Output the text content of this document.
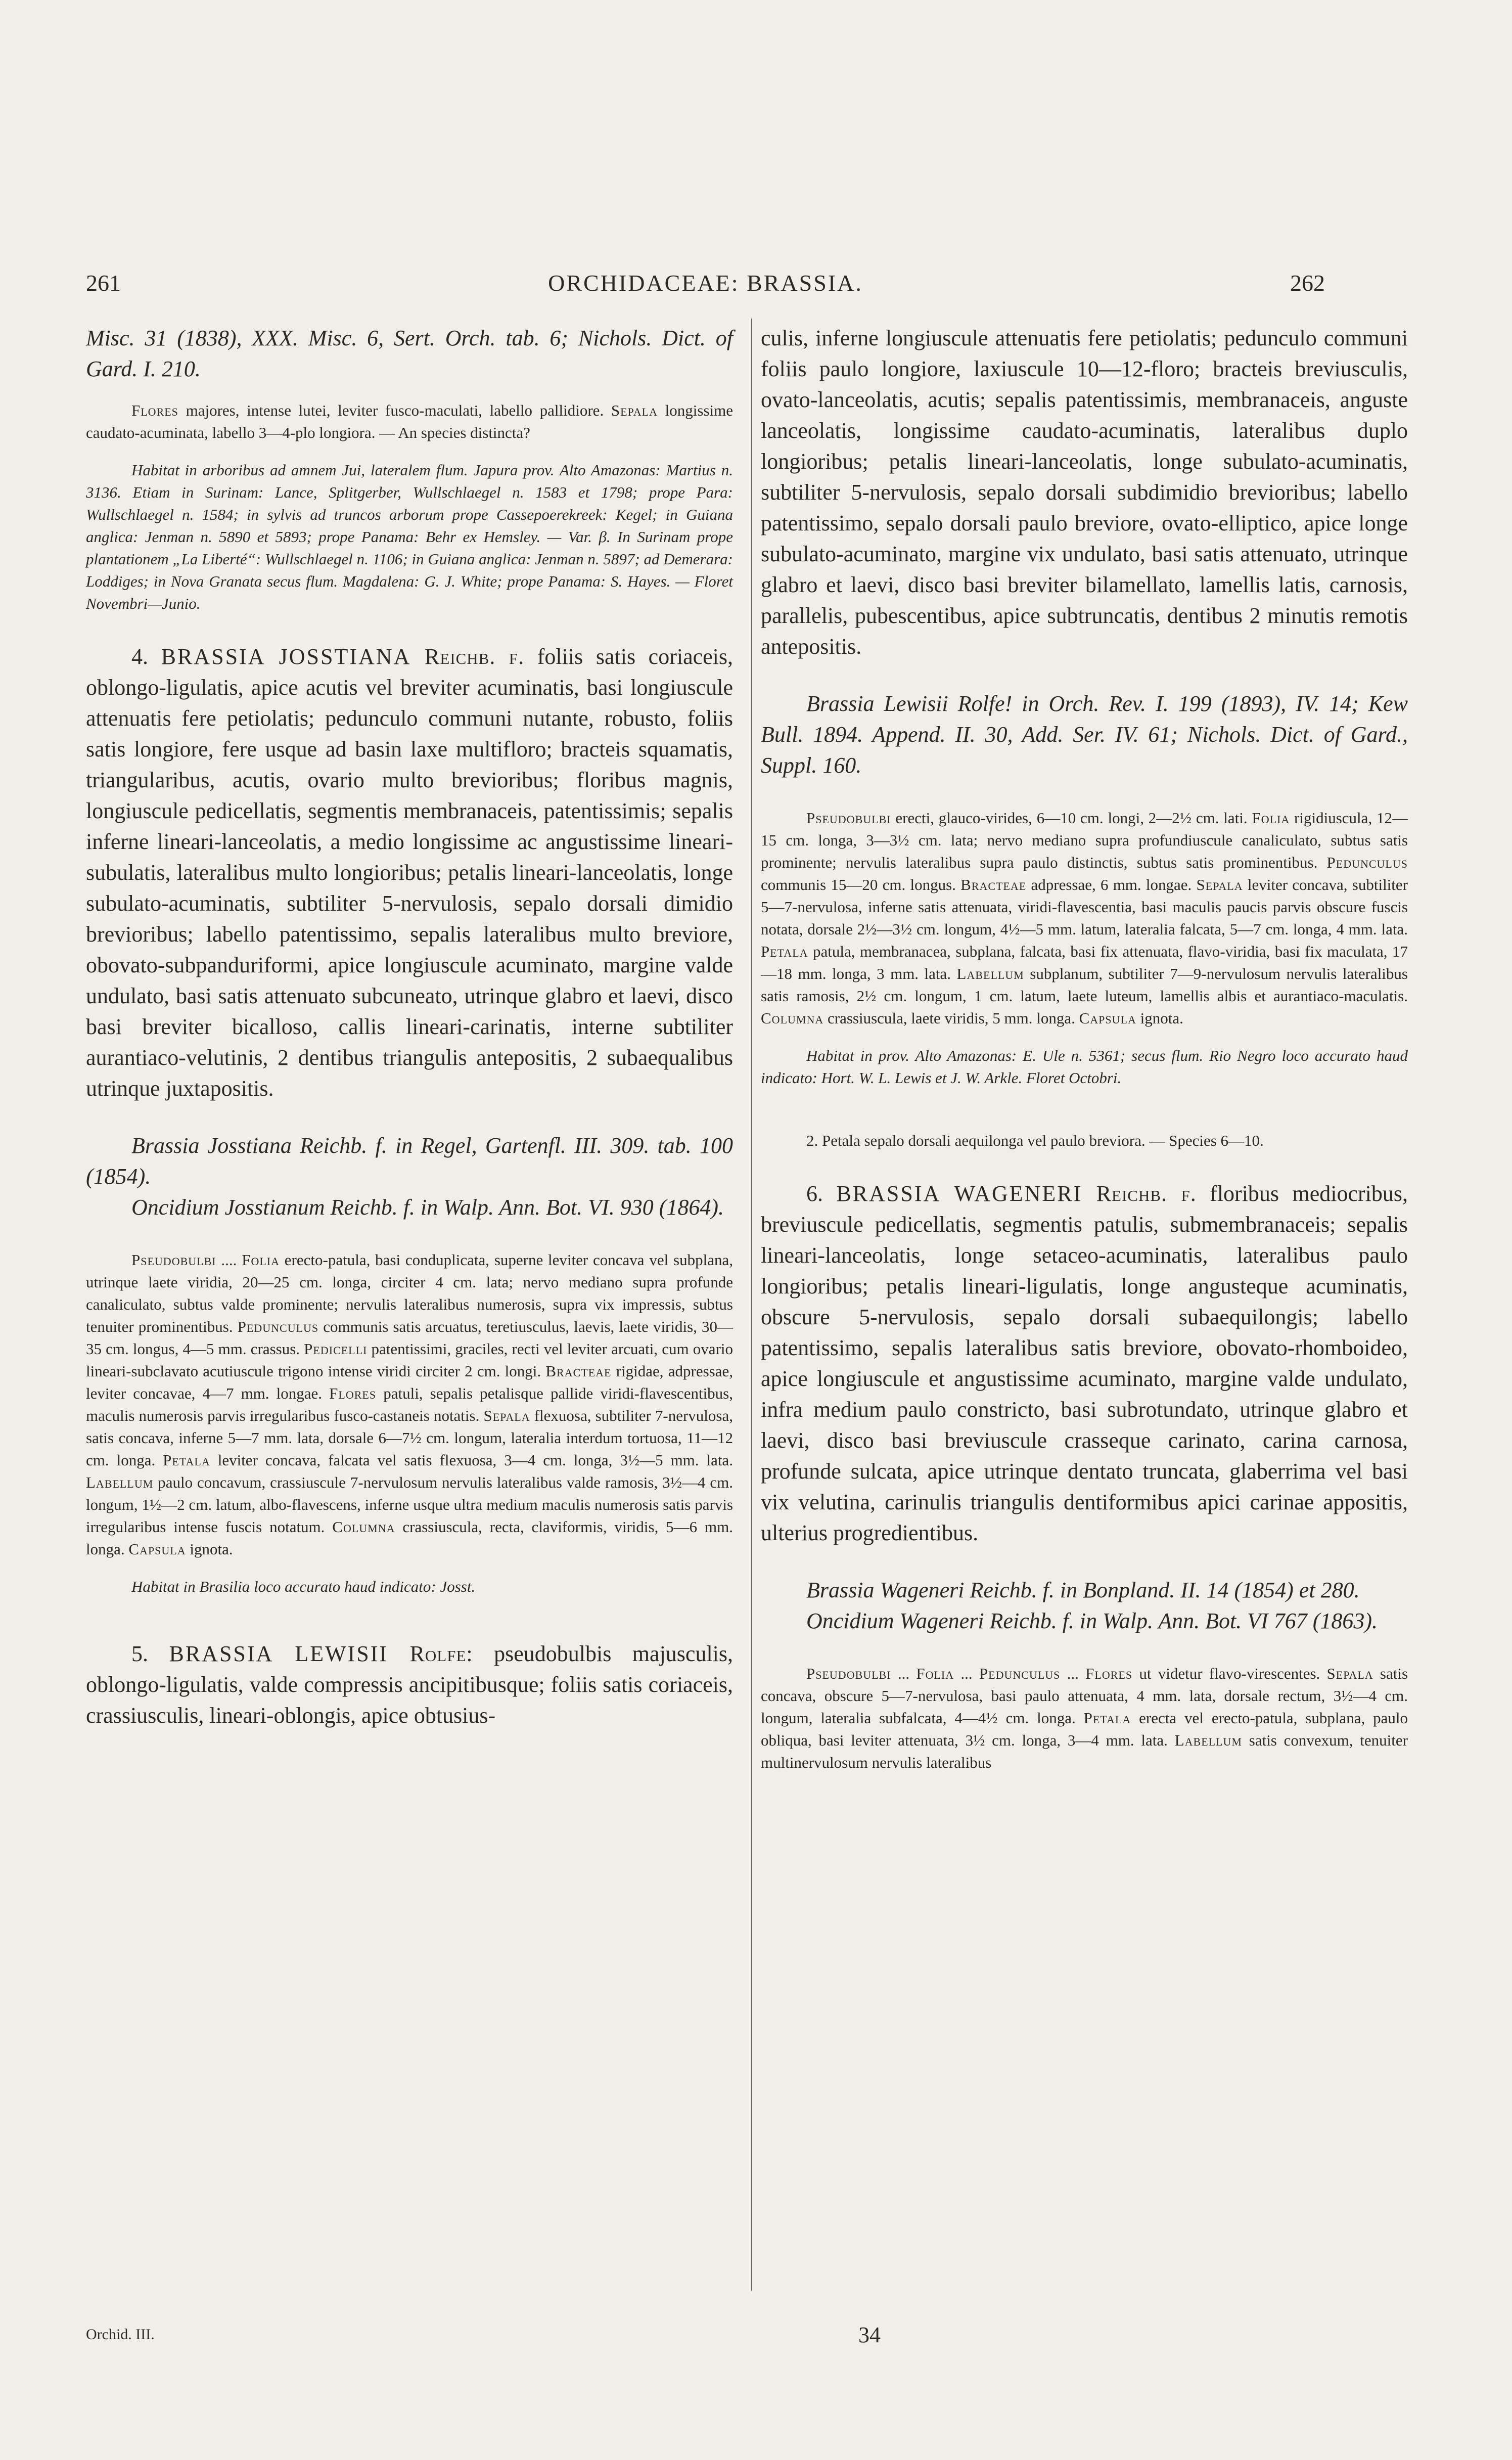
261	ORCHIDACEAE: BRASSIA.	262

Misc. 31 (1838), XXX. Misc. 6, Sert. Orch. tab. 6; Nichols. Dict. of Gard. I. 210.

Flores majores, intense lutei, leviter fusco-maculati, labello pallidiore. Sepala longissime caudato-acuminata, labello 3—4-plo longiora. — An species distincta?

Habitat in arboribus ad amnem Jui, lateralem flum. Japura prov. Alto Amazonas: Martius n. 3136. Etiam in Surinam: Lance, Splitgerber, Wullschlaegel n. 1583 et 1798; prope Para: Wullschlaegel n. 1584; in sylvis ad truncos arborum prope Cassepoerekreek: Kegel; in Guiana anglica: Jenman n. 5890 et 5893; prope Panama: Behr ex Hemsley. — Var. β. In Surinam prope plantationem „La Liberté“: Wullschlaegel n. 1106; in Guiana anglica: Jenman n. 5897; ad Demerara: Loddiges; in Nova Granata secus flum. Magdalena: G. J. White; prope Panama: S. Hayes. — Floret Novembri—Junio.

4. BRASSIA JOSSTIANA Reichb. f. foliis satis coriaceis, oblongo-ligulatis, apice acutis vel breviter acuminatis, basi longiuscule attenuatis fere petiolatis; pedunculo communi nutante, robusto, foliis satis longiore, fere usque ad basin laxe multifloro; bracteis squamatis, triangularibus, acutis, ovario multo brevioribus; floribus magnis, longiuscule pedicellatis, segmentis membranaceis, patentissimis; sepalis inferne lineari-lanceolatis, a medio longissime ac angustissime lineari-subulatis, lateralibus multo longioribus; petalis lineari-lanceolatis, longe subulato-acuminatis, subtiliter 5-nervulosis, sepalo dorsali dimidio brevioribus; labello patentissimo, sepalis lateralibus multo breviore, obovato-subpanduriformi, apice longiuscule acuminato, margine valde undulato, basi satis attenuato subcuneato, utrinque glabro et laevi, disco basi breviter bicalloso, callis lineari-carinatis, interne subtiliter aurantiaco-velutinis, 2 dentibus triangulis antepositis, 2 subaequalibus utrinque juxtapositis.

Brassia Josstiana Reichb. f. in Regel, Gartenfl. III. 309. tab. 100 (1854).

Oncidium Josstianum Reichb. f. in Walp. Ann. Bot. VI. 930 (1864).

Pseudobulbi .... Folia erecto-patula, basi conduplicata, superne leviter concava vel subplana, utrinque laete viridia, 20—25 cm. longa, circiter 4 cm. lata; nervo mediano supra profunde canaliculato, subtus valde prominente; nervulis lateralibus numerosis, supra vix impressis, subtus tenuiter prominentibus. Pedunculus communis satis arcuatus, teretiusculus, laevis, laete viridis, 30—35 cm. longus, 4—5 mm. crassus. Pedicelli patentissimi, graciles, recti vel leviter arcuati, cum ovario lineari-subclavato acutiuscule trigono intense viridi circiter 2 cm. longi. Bracteae rigidae, adpressae, leviter concavae, 4—7 mm. longae. Flores patuli, sepalis petalisque pallide viridi-flavescentibus, maculis numerosis parvis irregularibus fusco-castaneis notatis. Sepala flexuosa, subtiliter 7-nervulosa, satis concava, inferne 5—7 mm. lata, dorsale 6—7½ cm. longum, lateralia interdum tortuosa, 11—12 cm. longa. Petala leviter concava, falcata vel satis flexuosa, 3—4 cm. longa, 3½—5 mm. lata. Labellum paulo concavum, crassiuscule 7-nervulosum nervulis lateralibus valde ramosis, 3½—4 cm. longum, 1½—2 cm. latum, albo-flavescens, inferne usque ultra medium maculis numerosis satis parvis irregularibus intense fuscis notatum. Columna crassiuscula, recta, claviformis, viridis, 5—6 mm. longa. Capsula ignota.

Habitat in Brasilia loco accurato haud indicato: Josst.

5. BRASSIA LEWISII Rolfe: pseudobulbis majusculis, oblongo-ligulatis, valde compressis ancipitibusque; foliis satis coriaceis, crassiusculis, lineari-oblongis, apice obtusius-

culis, inferne longiuscule attenuatis fere petiolatis; pedunculo communi foliis paulo longiore, laxiuscule 10—12-floro; bracteis breviusculis, ovato-lanceolatis, acutis; sepalis patentissimis, membranaceis, anguste lanceolatis, longissime caudato-acuminatis, lateralibus duplo longioribus; petalis lineari-lanceolatis, longe subulato-acuminatis, subtiliter 5-nervulosis, sepalo dorsali subdimidio brevioribus; labello patentissimo, sepalo dorsali paulo breviore, ovato-elliptico, apice longe subulato-acuminato, margine vix undulato, basi satis attenuato, utrinque glabro et laevi, disco basi breviter bilamellato, lamellis latis, carnosis, parallelis, pubescentibus, apice subtruncatis, dentibus 2 minutis remotis antepositis.

Brassia Lewisii Rolfe! in Orch. Rev. I. 199 (1893), IV. 14; Kew Bull. 1894. Append. II. 30, Add. Ser. IV. 61; Nichols. Dict. of Gard., Suppl. 160.

Pseudobulbi erecti, glauco-virides, 6—10 cm. longi, 2—2½ cm. lati. Folia rigidiuscula, 12—15 cm. longa, 3—3½ cm. lata; nervo mediano supra profundiuscule canaliculato, subtus satis prominente; nervulis lateralibus supra paulo distinctis, subtus satis prominentibus. Pedunculus communis 15—20 cm. longus. Bracteae adpressae, 6 mm. longae. Sepala leviter concava, subtiliter 5—7-nervulosa, inferne satis attenuata, viridi-flavescentia, basi maculis paucis parvis obscure fuscis notata, dorsale 2½—3½ cm. longum, 4½—5 mm. latum, lateralia falcata, 5—7 cm. longa, 4 mm. lata. Petala patula, membranacea, subplana, falcata, basi fix attenuata, flavo-viridia, basi fix maculata, 17—18 mm. longa, 3 mm. lata. Labellum subplanum, subtiliter 7—9-nervulosum nervulis lateralibus satis ramosis, 2½ cm. longum, 1 cm. latum, laete luteum, lamellis albis et aurantiaco-maculatis. Columna crassiuscula, laete viridis, 5 mm. longa. Capsula ignota.

Habitat in prov. Alto Amazonas: E. Ule n. 5361; secus flum. Rio Negro loco accurato haud indicato: Hort. W. L. Lewis et J. W. Arkle. Floret Octobri.

2. Petala sepalo dorsali aequilonga vel paulo breviora. — Species 6—10.

6. BRASSIA WAGENERI Reichb. f. floribus mediocribus, breviuscule pedicellatis, segmentis patulis, submembranaceis; sepalis lineari-lanceolatis, longe setaceo-acuminatis, lateralibus paulo longioribus; petalis lineari-ligulatis, longe angusteque acuminatis, obscure 5-nervulosis, sepalo dorsali subaequilongis; labello patentissimo, sepalis lateralibus satis breviore, obovato-rhomboideo, apice longiuscule et angustissime acuminato, margine valde undulato, infra medium paulo constricto, basi subrotundato, utrinque glabro et laevi, disco basi breviuscule crasseque carinato, carina carnosa, profunde sulcata, apice utrinque dentato truncata, glaberrima vel basi vix velutina, carinulis triangulis dentiformibus apici carinae appositis, ulterius progredientibus.

Brassia Wageneri Reichb. f. in Bonpland. II. 14 (1854) et 280.

Oncidium Wageneri Reichb. f. in Walp. Ann. Bot. VI 767 (1863).

Pseudobulbi ... Folia ... Pedunculus ... Flores ut videtur flavo-virescentes. Sepala satis concava, obscure 5—7-nervulosa, basi paulo attenuata, 4 mm. lata, dorsale rectum, 3½—4 cm. longum, lateralia subfalcata, 4—4½ cm. longa. Petala erecta vel erecto-patula, subplana, paulo obliqua, basi leviter attenuata, 3½ cm. longa, 3—4 mm. lata. Labellum satis convexum, tenuiter multinervulosum nervulis lateralibus

Orchid. III.	34
